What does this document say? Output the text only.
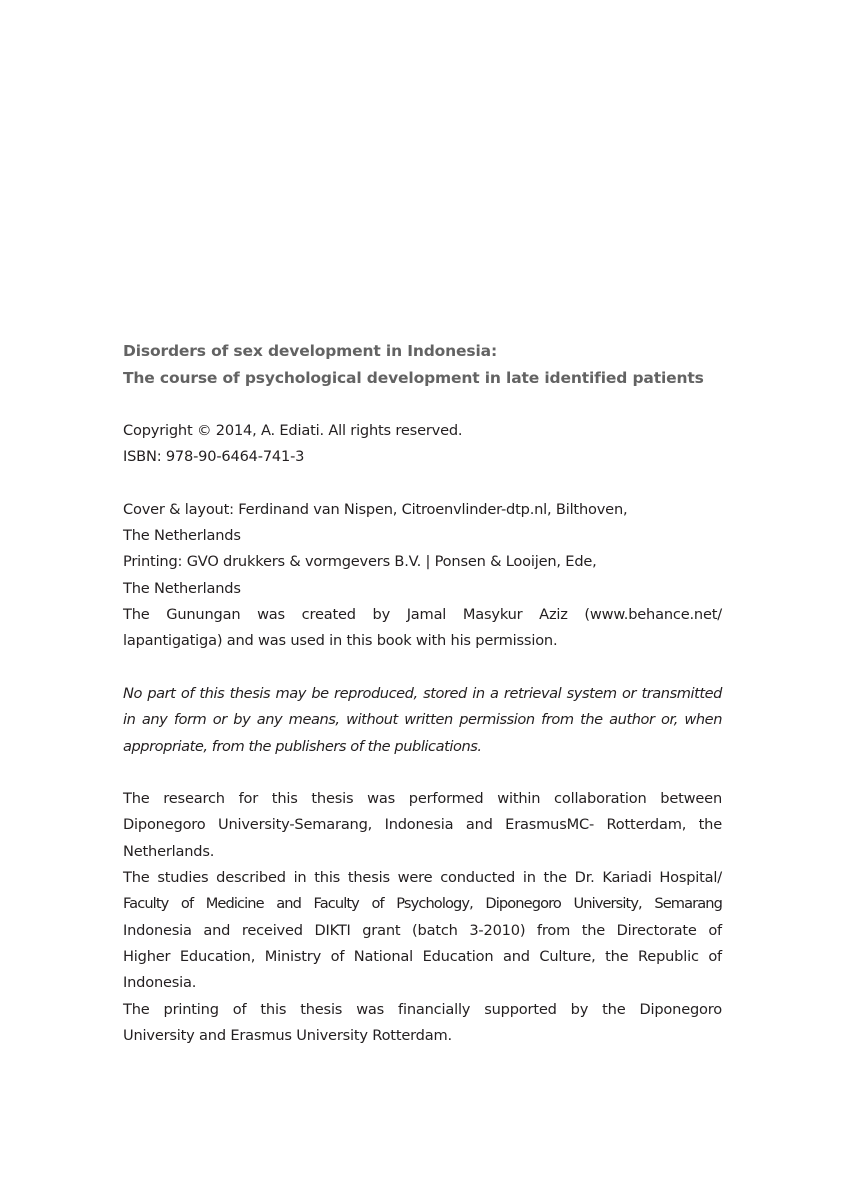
Disorders of sex development in Indonesia:
The course of psychological development in late identified patients
Copyright © 2014, A. Ediati. All rights reserved.
ISBN: 978-90-6464-741-3
Cover & layout: Ferdinand van Nispen, Citroenvlinder-dtp.nl, Bilthoven,
The Netherlands
Printing: GVO drukkers & vormgevers B.V. | Ponsen & Looijen, Ede,
The Netherlands
The Gunungan was created by Jamal Masykur Aziz (www.behance.net/
lapantigatiga) and was used in this book with his permission.
No part of this thesis may be reproduced, stored in a retrieval system or transmitted
in any form or by any means, without written permission from the author or, when
appropriate, from the publishers of the publications.
The research for this thesis was performed within collaboration between
Diponegoro University-Semarang, Indonesia and ErasmusMC- Rotterdam, the
Netherlands.
The studies described in this thesis were conducted in the Dr. Kariadi Hospital/
Faculty of Medicine and Faculty of Psychology, Diponegoro University, Semarang
Indonesia and received DIKTI grant (batch 3-2010) from the Directorate of
Higher Education, Ministry of National Education and Culture, the Republic of
Indonesia.
The printing of this thesis was financially supported by the Diponegoro
University and Erasmus University Rotterdam.
